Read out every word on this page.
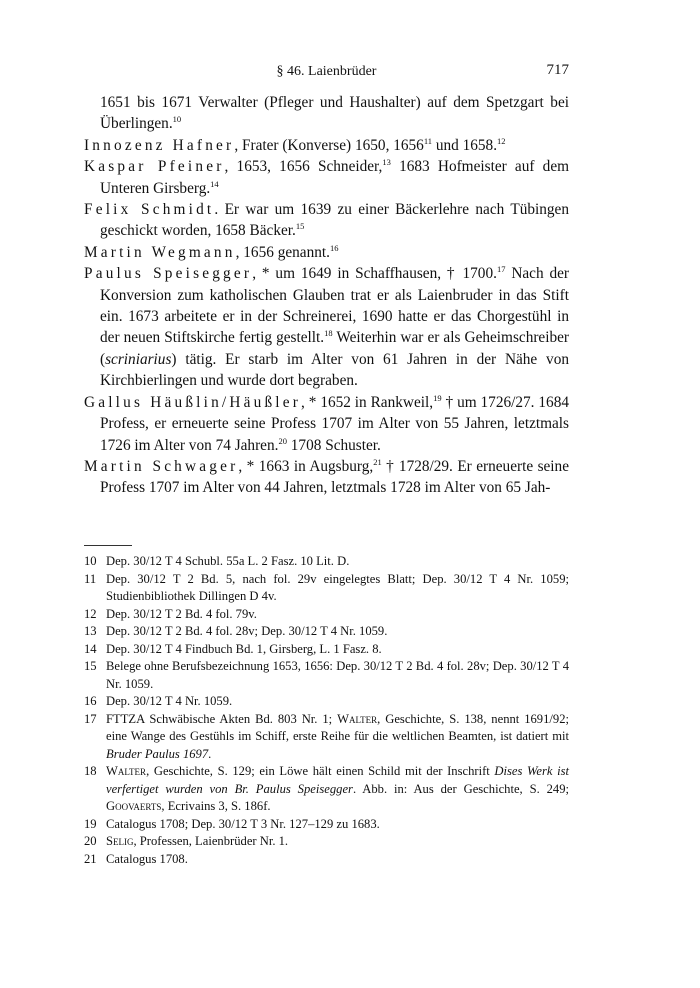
§ 46. Laienbrüder	717

1651 bis 1671 Verwalter (Pfleger und Haushalter) auf dem Spetzgart bei Überlingen.$^{10}$

Innozenz Hafner, Frater (Konverse) 1650, 1656$^{11}$ und 1658.12

Kaspar Pfeiner, 1653, 1656 Schneider,$^{13}$ 1683 Hofmeister auf dem Unteren Girsberg.$^{14}$

Felix Schmidt. Er war um 1639 zu einer Bäckerlehre nach Tübingen geschickt worden, 1658 Bäcker.$^{15}$

Martin Wegmann, 1656 genannt.$^{16}$

Paulus Speisegger, * um 1649 in Schaffhausen, † 1700.17 Nach der Konversion zum katholischen Glauben trat er als Laienbruder in das Stift ein. 1673 arbeitete er in der Schreinerei, 1690 hatte er das Chorgestühl in der neuen Stiftskirche fertig gestellt.$^{18}$ Weiterhin war er als Geheimschreiber (scriniarius) tätig. Er starb im Alter von 61 Jahren in der Nähe von Kirchbierlingen und wurde dort begraben.

Gallus Häußlin/Häußler, * 1652 in Rankweil,$^{19}$ † um 1726/27. 1684 Profess, er erneuerte seine Profess 1707 im Alter von 55 Jahren, letztmals 1726 im Alter von 74 Jahren.$^{20}$ 1708 Schuster.

Martin Schwager, * 1663 in Augsburg,$^{21}$ † 1728/29. Er erneuerte seine Profess 1707 im Alter von 44 Jahren, letztmals 1728 im Alter von 65 Jah-

10 Dep. 30/12 T 4 Schubl. 55a L. 2 Fasz. 10 Lit. D.
11 Dep. 30/12 T 2 Bd. 5, nach fol. 29v eingelegtes Blatt; Dep. 30/12 T 4 Nr. 1059; Studienbibliothek Dillingen D 4v.
12 Dep. 30/12 T 2 Bd. 4 fol. 79v.
13 Dep. 30/12 T 2 Bd. 4 fol. 28v; Dep. 30/12 T 4 Nr. 1059.
14 Dep. 30/12 T 4 Findbuch Bd. 1, Girsberg, L. 1 Fasz. 8.
15 Belege ohne Berufsbezeichnung 1653, 1656: Dep. 30/12 T 2 Bd. 4 fol. 28v; Dep. 30/12 T 4 Nr. 1059.
16 Dep. 30/12 T 4 Nr. 1059.
17 FTTZA Schwäbische Akten Bd. 803 Nr. 1; Walter, Geschichte, S. 138, nennt 1691/92; eine Wange des Gestühls im Schiff, erste Reihe für die weltlichen Beamten, ist datiert mit Bruder Paulus 1697.
18 Walter, Geschichte, S. 129; ein Löwe hält einen Schild mit der Inschrift Dises Werk ist verfertiget wurden von Br. Paulus Speisegger. Abb. in: Aus der Geschichte, S. 249; Goovaerts, Ecrivains 3, S. 186f.
19 Catalogus 1708; Dep. 30/12 T 3 Nr. 127–129 zu 1683.
20 Selig, Professen, Laienbrüder Nr. 1.
21 Catalogus 1708.
